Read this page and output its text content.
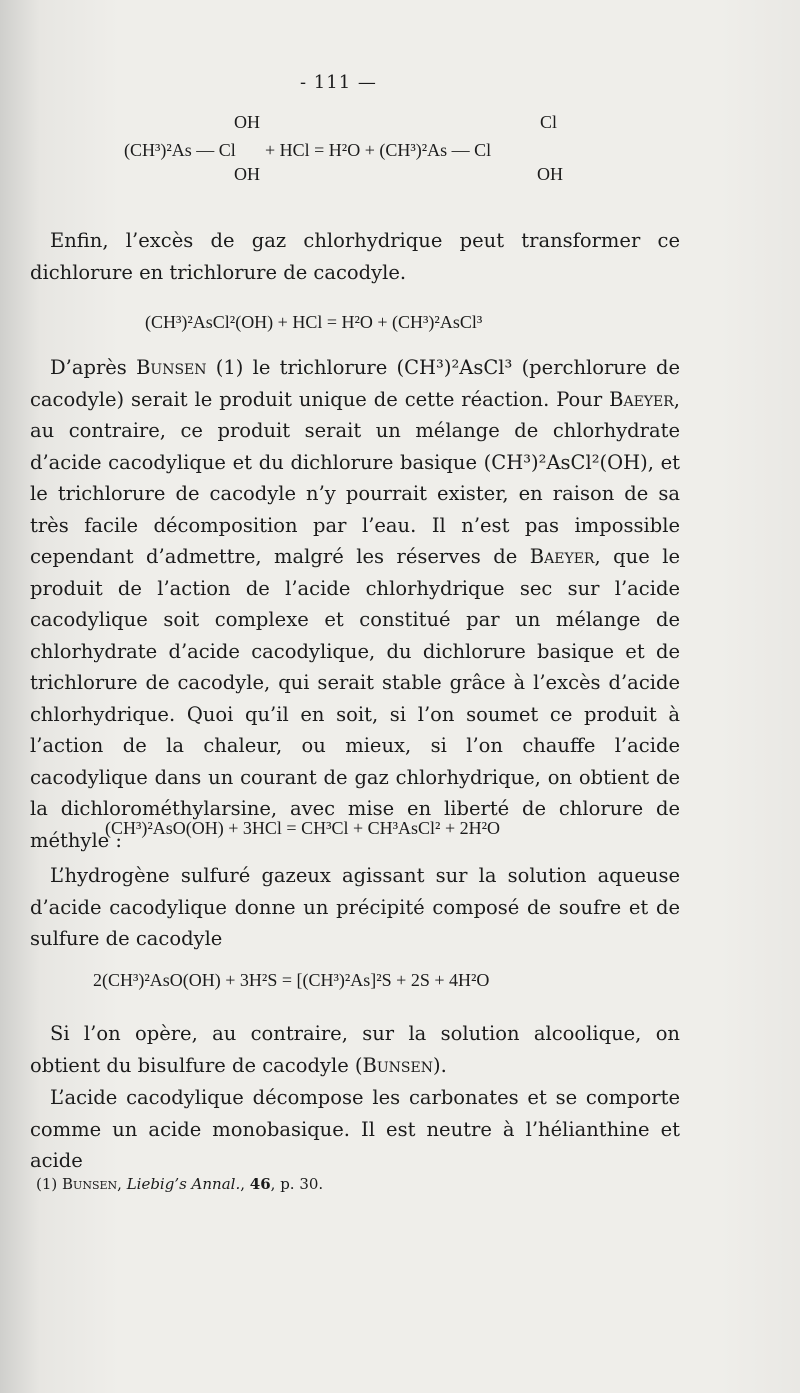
- 111 —
OH
(CH³)²As — Cl
OH
+ HCl = H²O + (CH³)²As — Cl
Cl
OH

Enfin, l’excès de gaz chlorhydrique peut transformer ce dichlorure en trichlorure de cacodyle.

(CH³)²AsCl²(OH) + HCl = H²O + (CH³)²AsCl³

D’après Bunsen (1) le trichlorure (CH³)²AsCl³ (perchlorure de cacodyle) serait le produit unique de cette réaction. Pour Baeyer, au contraire, ce produit serait un mélange de chlorhydrate d’acide cacodylique et du dichlorure basique (CH³)²AsCl²(OH), et le trichlorure de cacodyle n’y pourrait exister, en raison de sa très facile décomposition par l’eau. Il n’est pas impossible cependant d’admettre, malgré les réserves de Baeyer, que le produit de l’action de l’acide chlorhydrique sec sur l’acide cacodylique soit complexe et constitué par un mélange de chlorhydrate d’acide cacodylique, du dichlorure basique et de trichlorure de cacodyle, qui serait stable grâce à l’excès d’acide chlorhydrique. Quoi qu’il en soit, si l’on soumet ce produit à l’action de la chaleur, ou mieux, si l’on chauffe l’acide cacodylique dans un courant de gaz chlorhydrique, on obtient de la dichlorométhylarsine, avec mise en liberté de chlorure de méthyle :

(CH³)²AsO(OH) + 3HCl = CH³Cl + CH³AsCl² + 2H²O

L’hydrogène sulfuré gazeux agissant sur la solution aqueuse d’acide cacodylique donne un précipité composé de soufre et de sulfure de cacodyle

2(CH³)²AsO(OH) + 3H²S = [(CH³)²As]²S + 2S + 4H²O

Si l’on opère, au contraire, sur la solution alcoolique, on obtient du bisulfure de cacodyle (Bunsen).

L’acide cacodylique décompose les carbonates et se comporte comme un acide monobasique. Il est neutre à l’hélianthine et acide

(1) Bunsen, Liebig’s Annal., 46, p. 30.
